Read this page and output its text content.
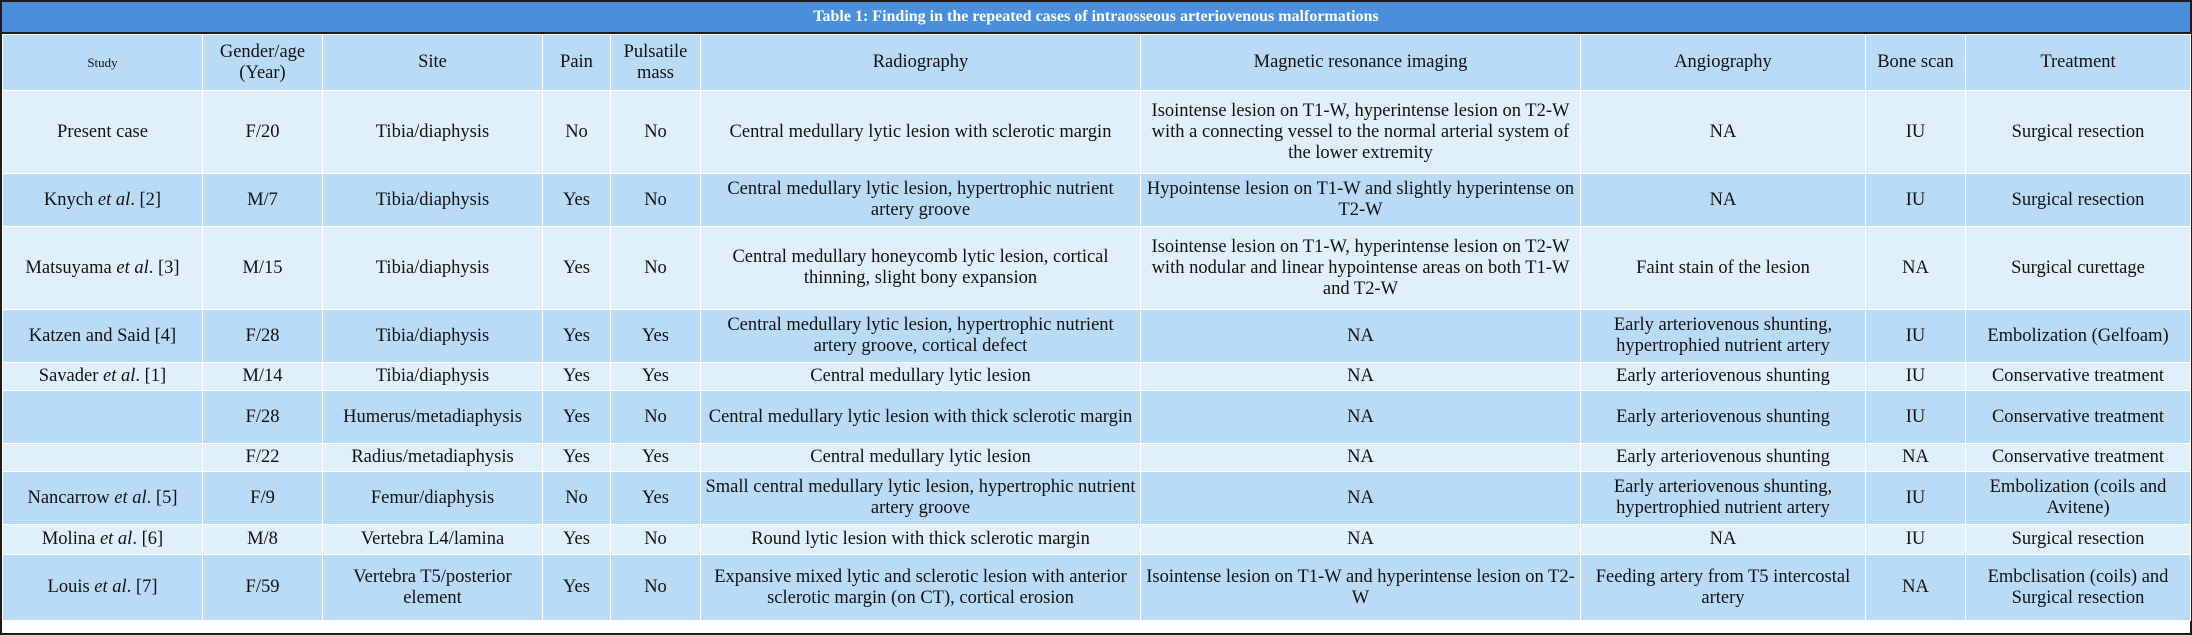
Table 1: Finding in the repeated cases of intraosseous arteriovenous malformations
Study	Gender/age (Year)	Site	Pain	Pulsatile mass	Radiography	Magnetic resonance imaging	Angiography	Bone scan	Treatment
Present case	F/20	Tibia/diaphysis	No	No	Central medullary lytic lesion with sclerotic margin	Isointense lesion on T1-W, hyperintense lesion on T2-W with a connecting vessel to the normal arterial system of the lower extremity	NA	IU	Surgical resection
Knych et al. [2]	M/7	Tibia/diaphysis	Yes	No	Central medullary lytic lesion, hypertrophic nutrient artery groove	Hypointense lesion on T1-W and slightly hyperintense on T2-W	NA	IU	Surgical resection
Matsuyama et al. [3]	M/15	Tibia/diaphysis	Yes	No	Central medullary honeycomb lytic lesion, cortical thinning, slight bony expansion	Isointense lesion on T1-W, hyperintense lesion on T2-W with nodular and linear hypointense areas on both T1-W and T2-W	Faint stain of the lesion	NA	Surgical curettage
Katzen and Said [4]	F/28	Tibia/diaphysis	Yes	Yes	Central medullary lytic lesion, hypertrophic nutrient artery groove, cortical defect	NA	Early arteriovenous shunting, hypertrophied nutrient artery	IU	Embolization (Gelfoam)
Savader et al. [1]	M/14	Tibia/diaphysis	Yes	Yes	Central medullary lytic lesion	NA	Early arteriovenous shunting	IU	Conservative treatment
	F/28	Humerus/metadiaphysis	Yes	No	Central medullary lytic lesion with thick sclerotic margin	NA	Early arteriovenous shunting	IU	Conservative treatment
	F/22	Radius/metadiaphysis	Yes	Yes	Central medullary lytic lesion	NA	Early arteriovenous shunting	NA	Conservative treatment
Nancarrow et al. [5]	F/9	Femur/diaphysis	No	Yes	Small central medullary lytic lesion, hypertrophic nutrient artery groove	NA	Early arteriovenous shunting, hypertrophied nutrient artery	IU	Embolization (coils and Avitene)
Molina et al. [6]	M/8	Vertebra L4/lamina	Yes	No	Round lytic lesion with thick sclerotic margin	NA	NA	IU	Surgical resection
Louis et al. [7]	F/59	Vertebra T5/posterior element	Yes	No	Expansive mixed lytic and sclerotic lesion with anterior sclerotic margin (on CT), cortical erosion	Isointense lesion on T1-W and hyperintense lesion on T2-W	Feeding artery from T5 intercostal artery	NA	Embclisation (coils) and Surgical resection
